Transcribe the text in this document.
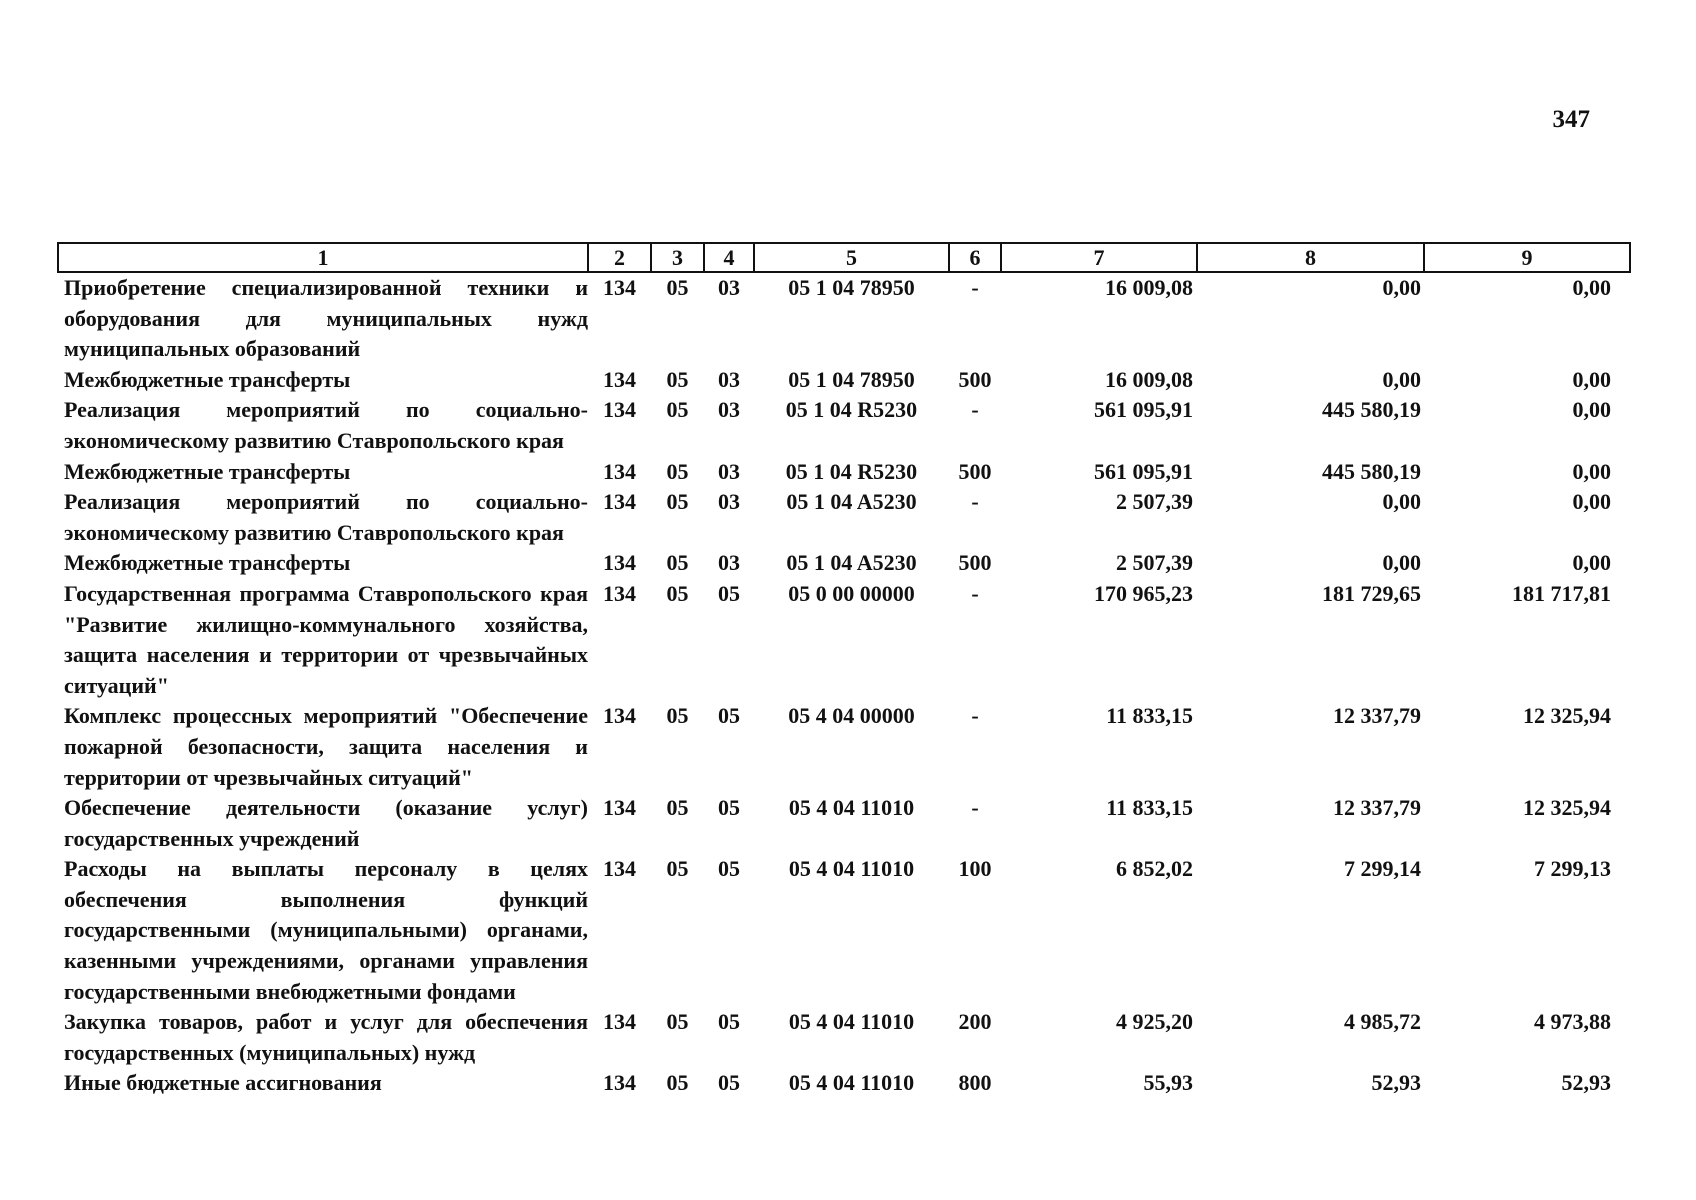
347
1	2	3	4	5	6	7	8	9
Приобретение специализированной техники и оборудования для муниципальных нужд муниципальных образований	134	05	03	05 1 04 78950	-	16 009,08	0,00	0,00
Межбюджетные трансферты	134	05	03	05 1 04 78950	500	16 009,08	0,00	0,00
Реализация мероприятий по социально-экономическому развитию Ставропольского края	134	05	03	05 1 04 R5230	-	561 095,91	445 580,19	0,00
Межбюджетные трансферты	134	05	03	05 1 04 R5230	500	561 095,91	445 580,19	0,00
Реализация мероприятий по социально-экономическому развитию Ставропольского края	134	05	03	05 1 04 A5230	-	2 507,39	0,00	0,00
Межбюджетные трансферты	134	05	03	05 1 04 A5230	500	2 507,39	0,00	0,00
Государственная программа Ставропольского края "Развитие жилищно-коммунального хозяйства, защита населения и территории от чрезвычайных ситуаций"	134	05	05	05 0 00 00000	-	170 965,23	181 729,65	181 717,81
Комплекс процессных мероприятий "Обеспечение пожарной безопасности, защита населения и территории от чрезвычайных ситуаций"	134	05	05	05 4 04 00000	-	11 833,15	12 337,79	12 325,94
Обеспечение деятельности (оказание услуг) государственных учреждений	134	05	05	05 4 04 11010	-	11 833,15	12 337,79	12 325,94
Расходы на выплаты персоналу в целях обеспечения выполнения функций государственными (муниципальными) органами, казенными учреждениями, органами управления государственными внебюджетными фондами	134	05	05	05 4 04 11010	100	6 852,02	7 299,14	7 299,13
Закупка товаров, работ и услуг для обеспечения государственных (муниципальных) нужд	134	05	05	05 4 04 11010	200	4 925,20	4 985,72	4 973,88
Иные бюджетные ассигнования	134	05	05	05 4 04 11010	800	55,93	52,93	52,93
